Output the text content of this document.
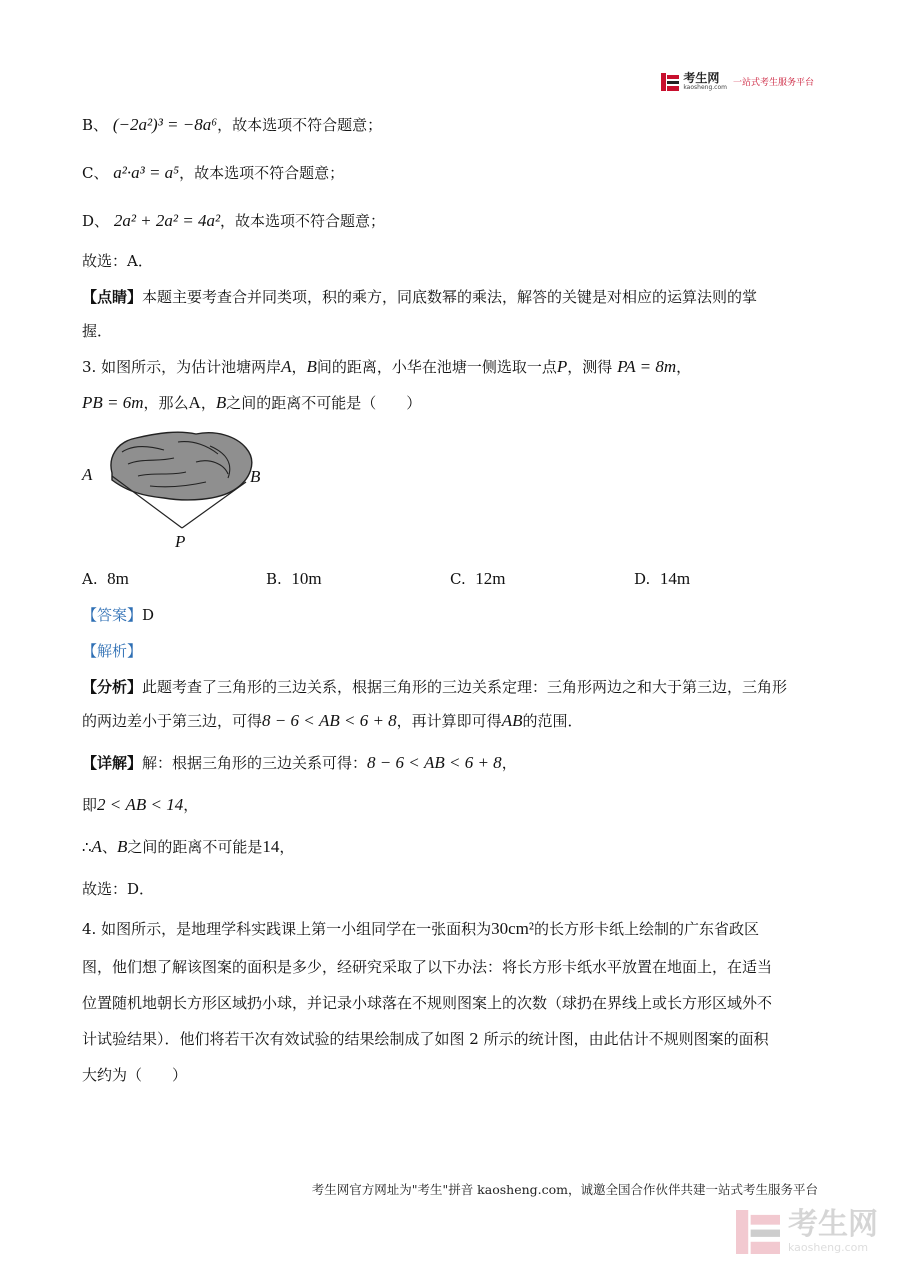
考生网
kaosheng.com 一站式考生服务平台
B、 (−2a²)³ = −8a⁶，故本选项不符合题意；
C、 a²·a³ = a⁵，故本选项不符合题意；
D、 2a² + 2a² = 4a²，故本选项不符合题意；
故选：A．
【点睛】本题主要考查合并同类项，积的乘方，同底数幂的乘法，解答的关键是对相应的运算法则的掌
握．
3. 如图所示，为估计池塘两岸A，B间的距离，小华在池塘一侧选取一点P，测得 PA = 8m，
PB = 6m，那么A，B之间的距离不可能是（　　）
A	B
P
A. 8m	B. 10m	C. 12m	D. 14m
【答案】D
【解析】
【分析】此题考查了三角形的三边关系，根据三角形的三边关系定理：三角形两边之和大于第三边，三角形
的两边差小于第三边，可得8 − 6 < AB < 6 + 8，再计算即可得AB的范围．
【详解】解：根据三角形的三边关系可得：8 − 6 < AB < 6 + 8，
即2 < AB < 14，
∴A、B之间的距离不可能是14，
故选：D．
4. 如图所示，是地理学科实践课上第一小组同学在一张面积为30cm²的长方形卡纸上绘制的广东省政区
图，他们想了解该图案的面积是多少，经研究采取了以下办法：将长方形卡纸水平放置在地面上，在适当
位置随机地朝长方形区域扔小球，并记录小球落在不规则图案上的次数（球扔在界线上或长方形区域外不
计试验结果）．他们将若干次有效试验的结果绘制成了如图 2 所示的统计图，由此估计不规则图案的面积
大约为（　　）
考生网官方网址为"考生"拼音 kaosheng.com，诚邀全国合作伙伴共建一站式考生服务平台
考生网
kaosheng.com
